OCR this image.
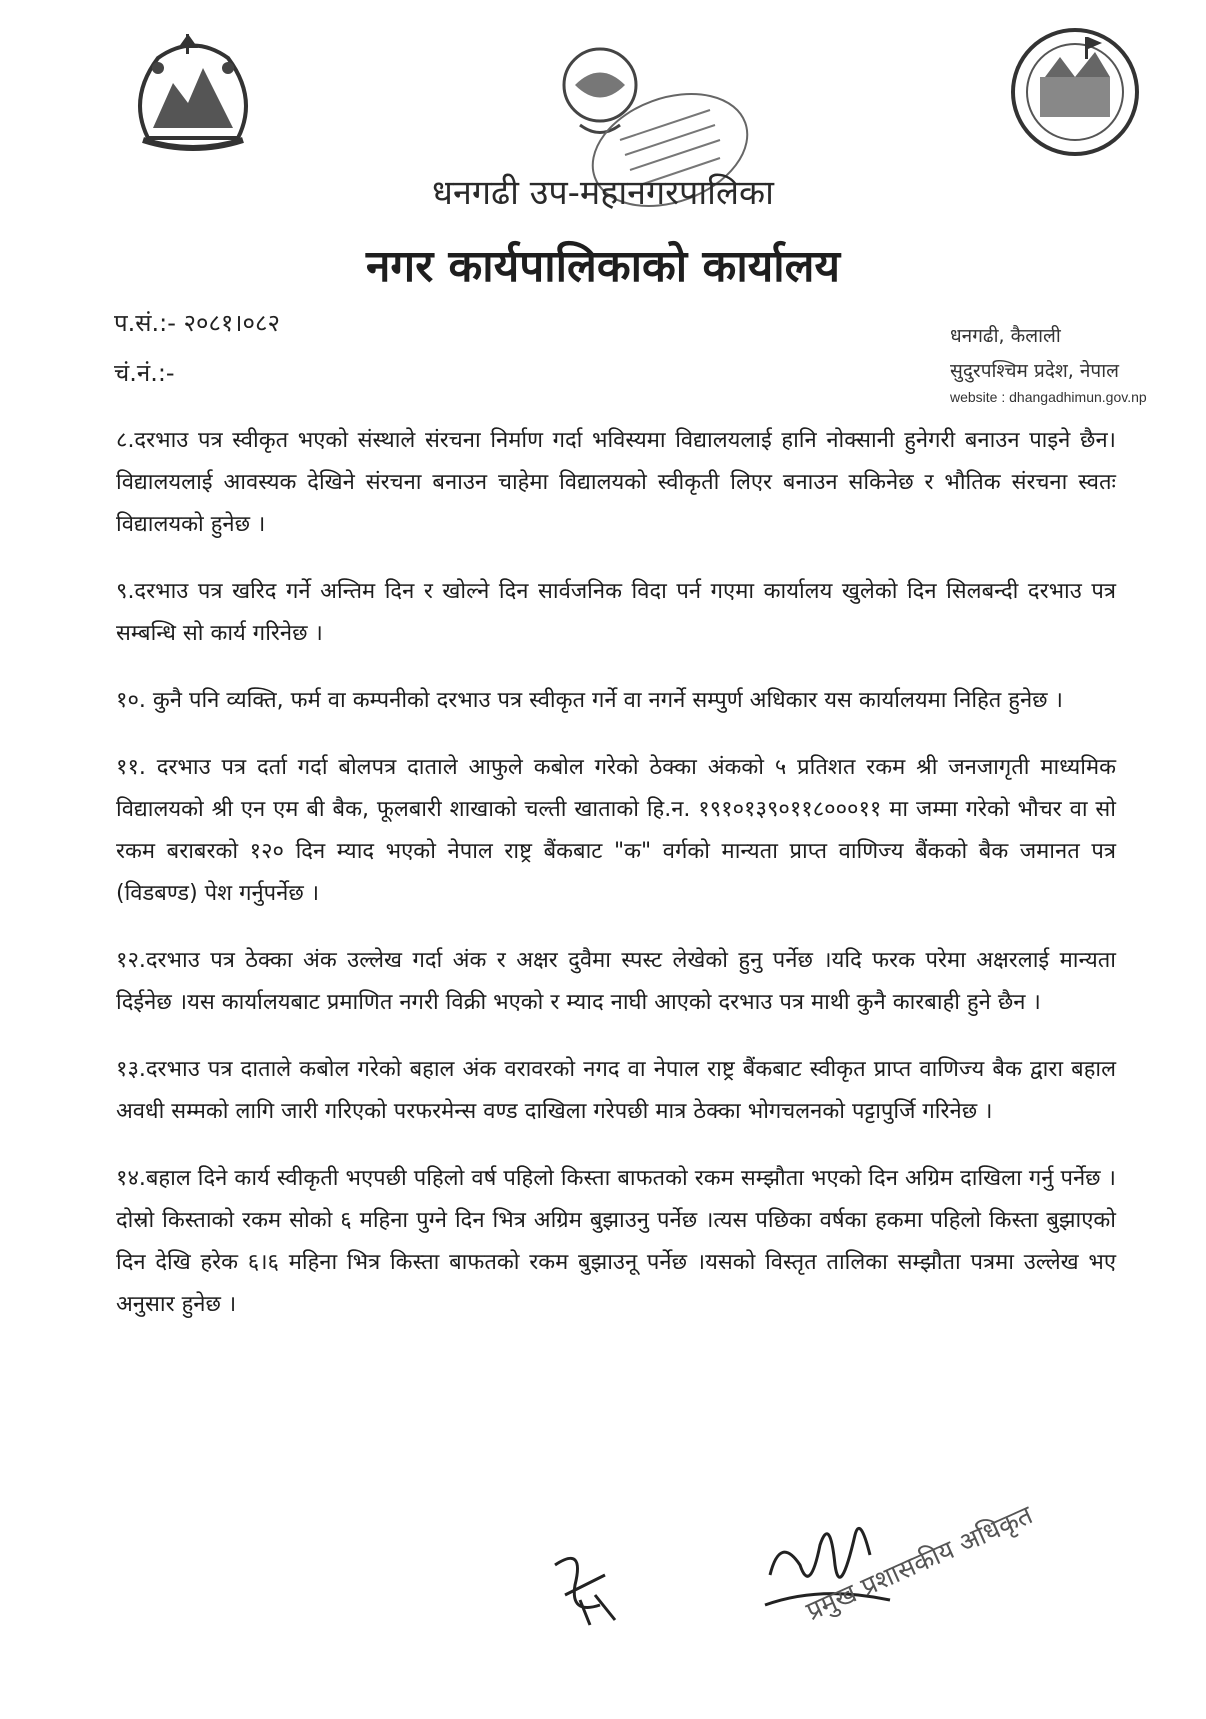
धनगढी उप-महानगरपालिका
नगर कार्यपालिकाको कार्यालय
प.सं.:- २०८१।०८२
चं.नं.:-
धनगढी, कैलाली
सुदुरपश्चिम प्रदेश, नेपाल
website : dhangadhimun.gov.np

८.दरभाउ पत्र स्वीकृत भएको संस्थाले संरचना निर्माण गर्दा भविस्यमा विद्यालयलाई हानि नोक्सानी हुनेगरी बनाउन पाइने छैन। विद्यालयलाई आवस्यक देखिने संरचना बनाउन चाहेमा विद्यालयको स्वीकृती लिएर बनाउन सकिनेछ र भौतिक संरचना स्वतः विद्यालयको हुनेछ ।

९.दरभाउ पत्र खरिद गर्ने अन्तिम दिन र खोल्ने दिन सार्वजनिक विदा पर्न गएमा कार्यालय खुलेको दिन सिलबन्दी दरभाउ पत्र सम्बन्धि सो कार्य गरिनेछ ।

१०. कुनै पनि व्यक्ति, फर्म वा कम्पनीको दरभाउ पत्र स्वीकृत गर्ने वा नगर्ने सम्पुर्ण अधिकार यस कार्यालयमा निहित हुनेछ ।

११. दरभाउ पत्र दर्ता गर्दा बोलपत्र दाताले आफुले कबोल गरेको ठेक्का अंकको ५ प्रतिशत रकम श्री जनजागृती माध्यमिक विद्यालयको श्री एन एम बी बैक, फूलबारी शाखाको चल्ती खाताको हि.न. १९१०१३९०११८०००११ मा जम्मा गरेको भौचर वा सो रकम बराबरको १२० दिन म्याद भएको नेपाल राष्ट्र बैंकबाट "क" वर्गको मान्यता प्राप्त वाणिज्य बैंकको बैक जमानत पत्र (विडबण्ड) पेश गर्नुपर्नेछ ।

१२.दरभाउ पत्र ठेक्का अंक उल्लेख गर्दा अंक र अक्षर दुवैमा स्पस्ट लेखेको हुनु पर्नेछ ।यदि फरक परेमा अक्षरलाई मान्यता दिईनेछ ।यस कार्यालयबाट प्रमाणित नगरी विक्री भएको र म्याद नाघी आएको दरभाउ पत्र माथी कुनै कारबाही हुने छैन ।

१३.दरभाउ पत्र दाताले कबोल गरेको बहाल अंक वरावरको नगद वा नेपाल राष्ट्र बैंकबाट स्वीकृत प्राप्त वाणिज्य बैक द्वारा बहाल अवधी सम्मको लागि जारी गरिएको परफरमेन्स वण्ड दाखिला गरेपछी मात्र ठेक्का भोगचलनको पट्टापुर्जि गरिनेछ ।

१४.बहाल दिने कार्य स्वीकृती भएपछी पहिलो वर्ष पहिलो किस्ता बाफतको रकम सम्झौता भएको दिन अग्रिम दाखिला गर्नु पर्नेछ ।दोस्रो किस्ताको रकम सोको ६ महिना पुग्ने दिन भित्र अग्रिम बुझाउनु पर्नेछ ।त्यस पछिका वर्षका हकमा पहिलो किस्ता बुझाएको दिन देखि हरेक ६।६ महिना भित्र किस्ता बाफतको रकम बुझाउनू पर्नेछ ।यसको विस्तृत तालिका सम्झौता पत्रमा उल्लेख भए अनुसार हुनेछ ।

प्रमुख प्रशासकीय अधिकृत
